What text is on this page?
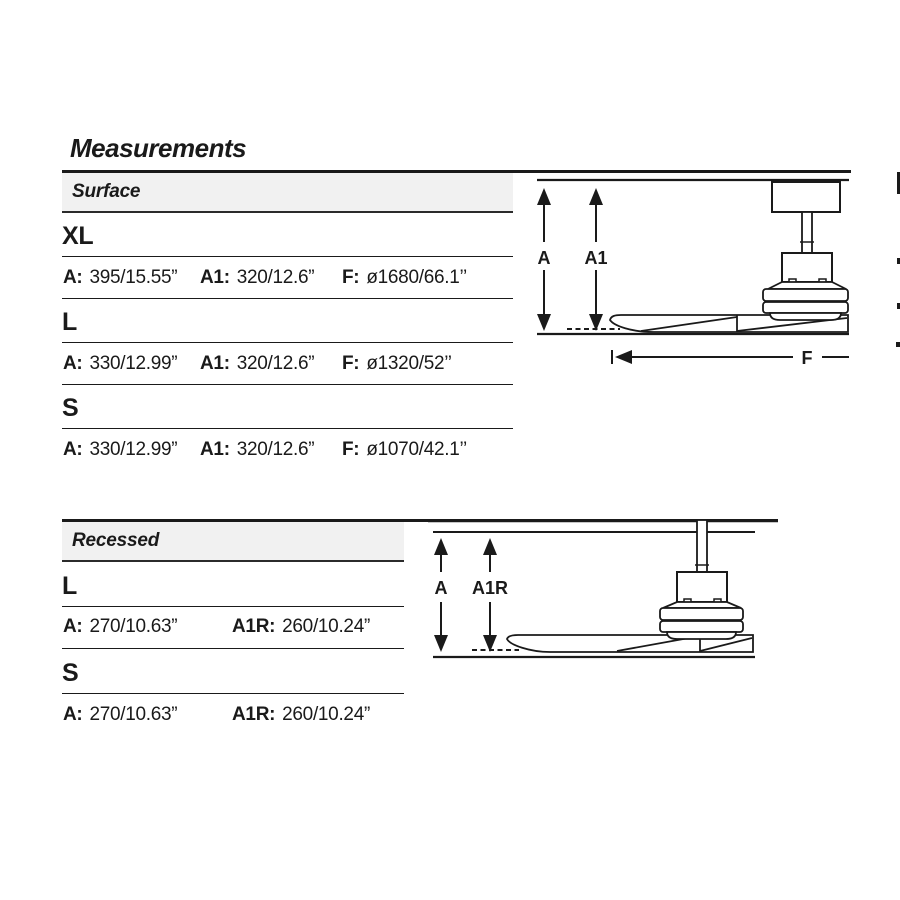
Measurements
Surface
XL
A: 395/15.55” A1: 320/12.6” F: ø1680/66.1’’
L
A: 330/12.99” A1: 320/12.6” F: ø1320/52’’
S
A: 330/12.99” A1: 320/12.6” F: ø1070/42.1’’
A A1
F
Recessed
L
A: 270/10.63”	A1R: 260/10.24”
S
A: 270/10.63”	A1R: 260/10.24”
A A1R
